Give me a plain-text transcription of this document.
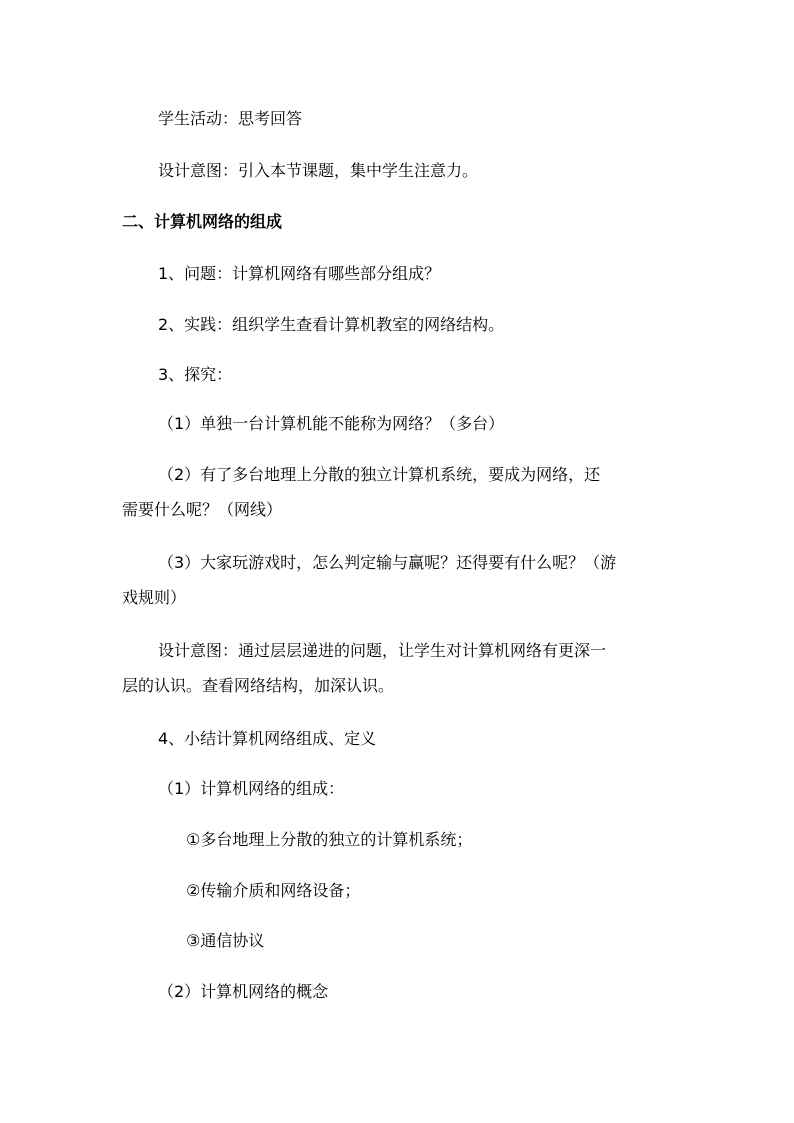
学生活动：思考回答
设计意图：引入本节课题，集中学生注意力。
二、计算机网络的组成
1、问题：计算机网络有哪些部分组成？
2、实践：组织学生查看计算机教室的网络结构。
3、探究：
（1）单独一台计算机能不能称为网络？（多台）
（2）有了多台地理上分散的独立计算机系统，要成为网络，还
需要什么呢？（网线）
（3）大家玩游戏时，怎么判定输与赢呢？还得要有什么呢？（游
戏规则）
设计意图：通过层层递进的问题，让学生对计算机网络有更深一
层的认识。查看网络结构，加深认识。
4、小结计算机网络组成、定义
（1）计算机网络的组成：
①多台地理上分散的独立的计算机系统；
②传输介质和网络设备；
③通信协议
（2）计算机网络的概念
